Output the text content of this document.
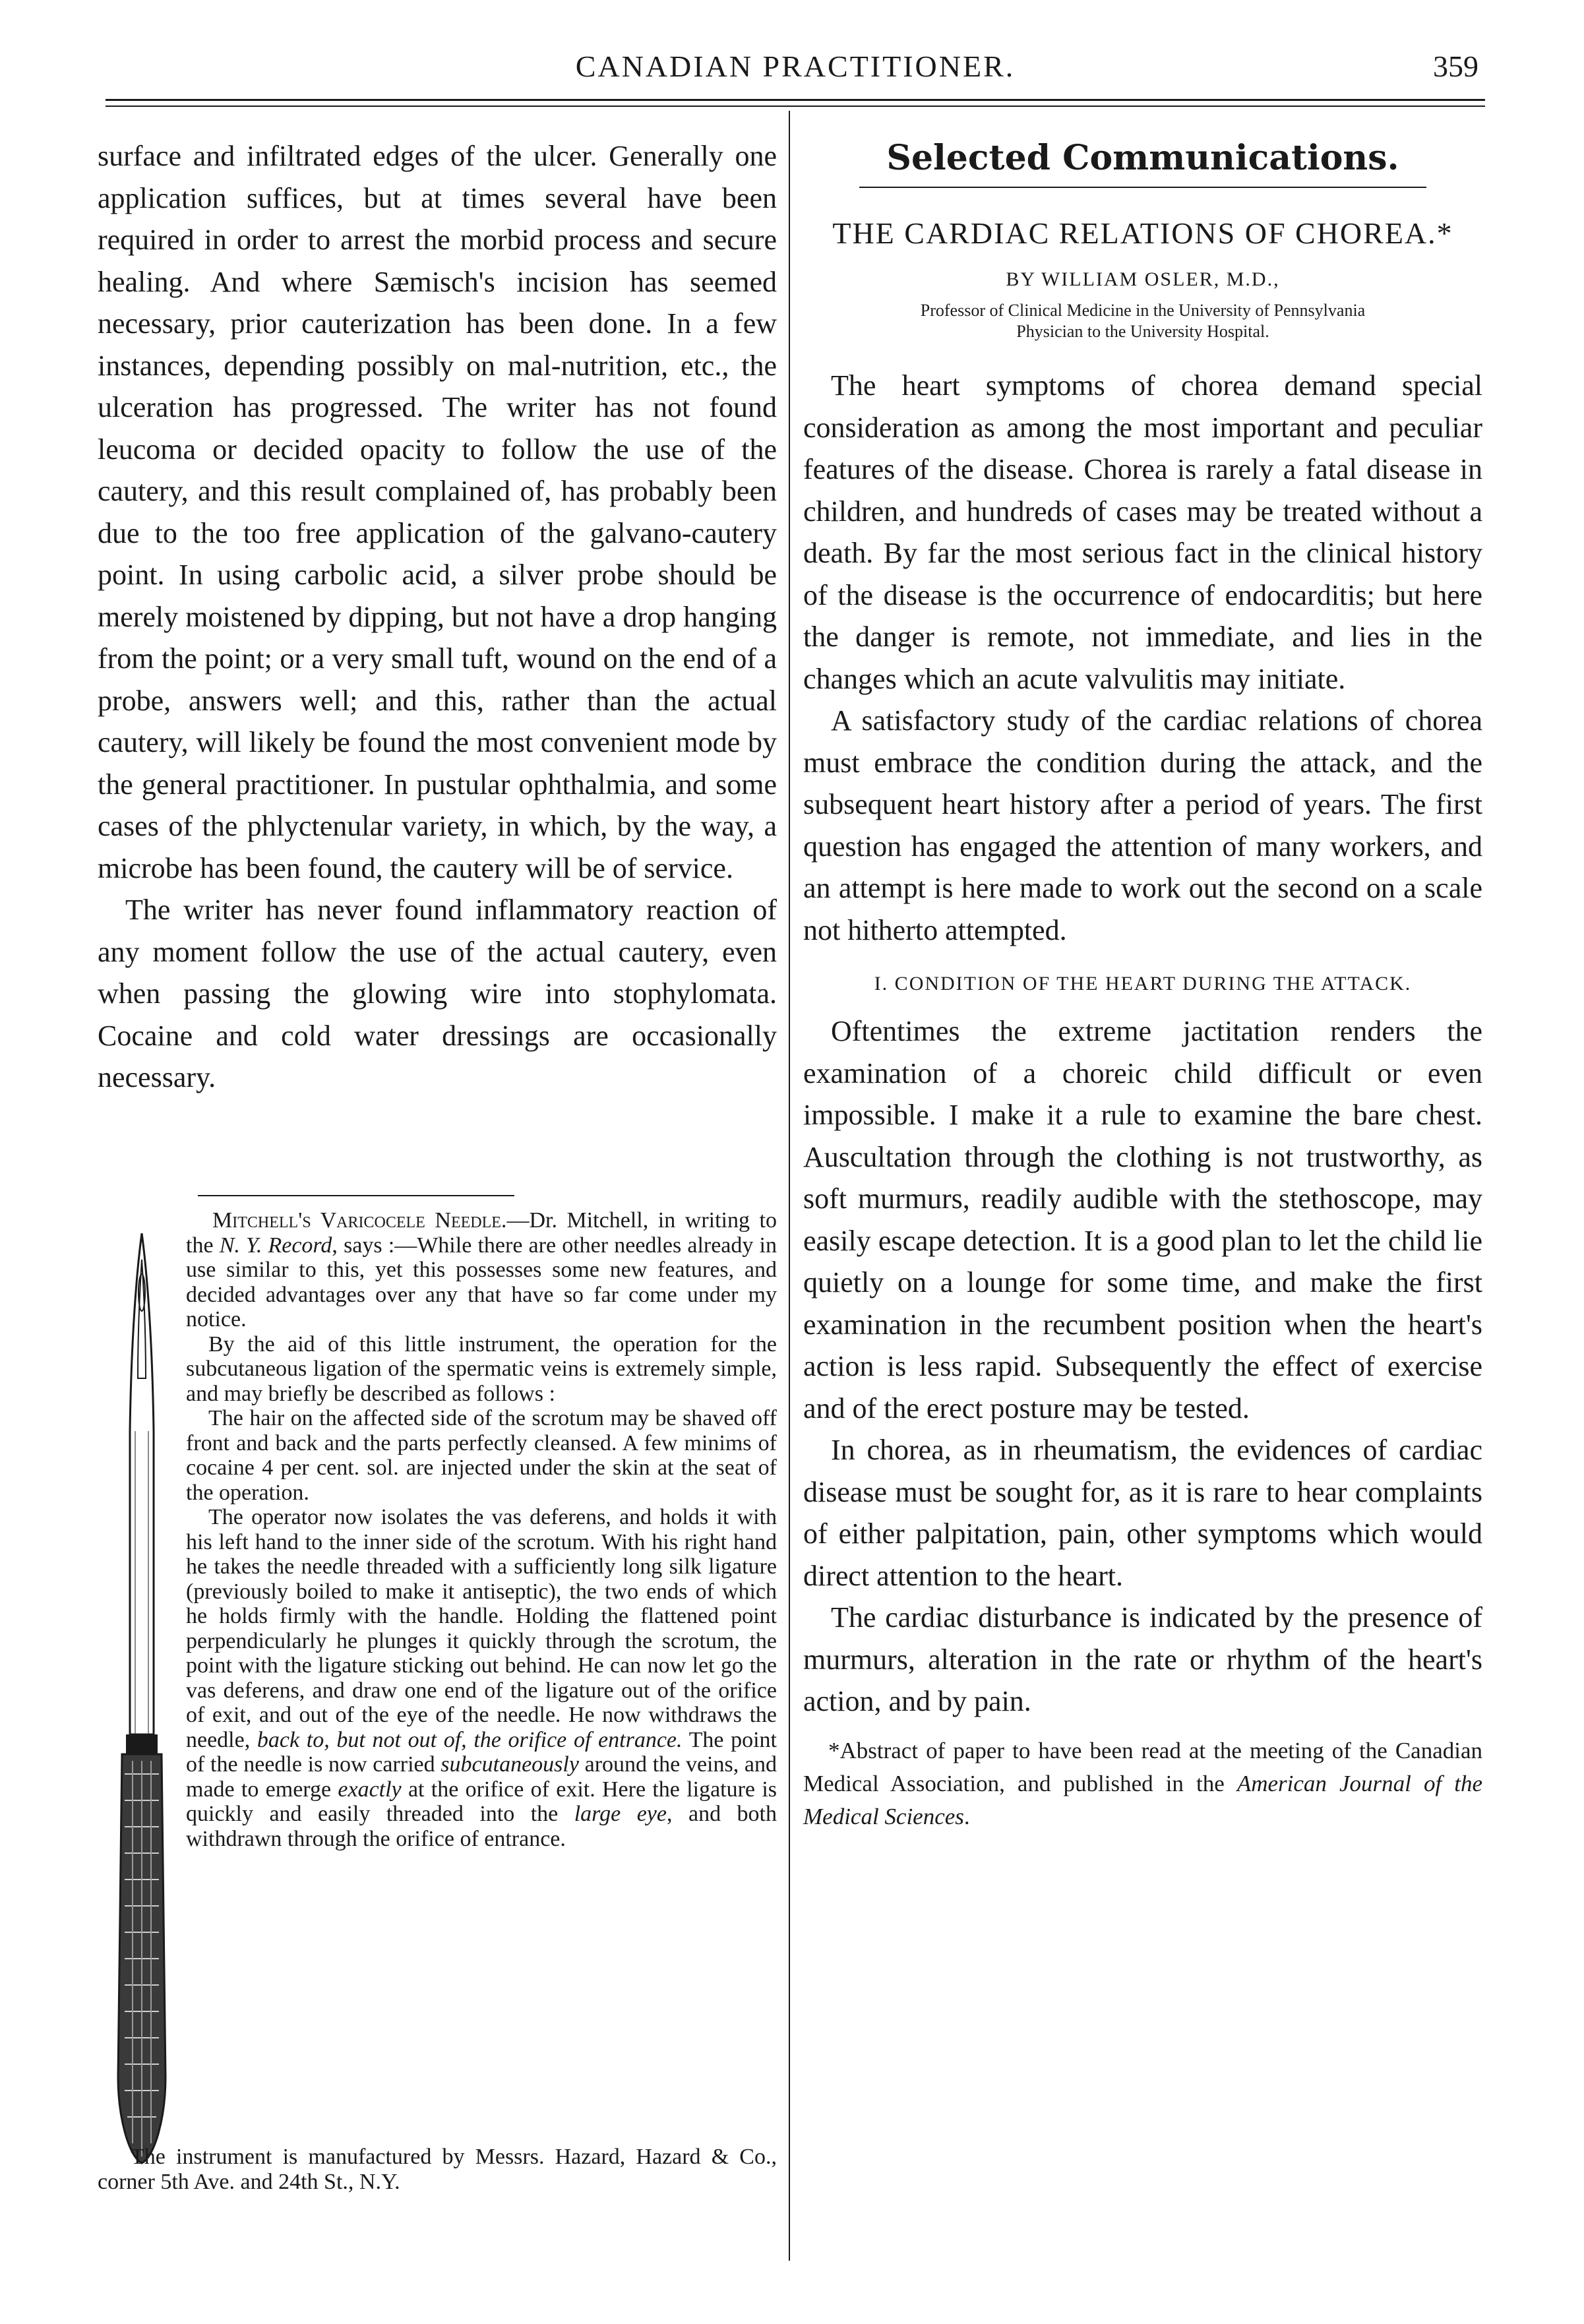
CANADIAN PRACTITIONER.	359

surface and infiltrated edges of the ulcer. Generally one application suffices, but at times several have been required in order to arrest the morbid process and secure healing. And where Sæmisch's incision has seemed necessary, prior cauterization has been done. In a few instances, depending possibly on mal-nutrition, etc., the ulceration has progressed. The writer has not found leucoma or decided opacity to follow the use of the cautery, and this result complained of, has probably been due to the too free application of the galvano-cautery point. In using carbolic acid, a silver probe should be merely moistened by dipping, but not have a drop hanging from the point; or a very small tuft, wound on the end of a probe, answers well; and this, rather than the actual cautery, will likely be found the most convenient mode by the general practitioner. In pustular ophthalmia, and some cases of the phlyctenular variety, in which, by the way, a microbe has been found, the cautery will be of service.

The writer has never found inflammatory reaction of any moment follow the use of the actual cautery, even when passing the glowing wire into stophylomata. Cocaine and cold water dressings are occasionally necessary.

Mitchell's Varicocele Needle.—Dr. Mitchell, in writing to the N. Y. Record, says :—While there are other needles already in use similar to this, yet this possesses some new features, and decided advantages over any that have so far come under my notice.

By the aid of this little instrument, the operation for the subcutaneous ligation of the spermatic veins is extremely simple, and may briefly be described as follows :

The hair on the affected side of the scrotum may be shaved off front and back and the parts perfectly cleansed. A few minims of cocaine 4 per cent. sol. are injected under the skin at the seat of the operation.

The operator now isolates the vas deferens, and holds it with his left hand to the inner side of the scrotum. With his right hand he takes the needle threaded with a sufficiently long silk ligature (previously boiled to make it antiseptic), the two ends of which he holds firmly with the handle. Holding the flattened point perpendicularly he plunges it quickly through the scrotum, the point with the ligature sticking out behind. He can now let go the vas deferens, and draw one end of the ligature out of the orifice of exit, and out of the eye of the needle. He now withdraws the needle, back to, but not out of, the orifice of entrance. The point of the needle is now carried subcutaneously around the veins, and made to emerge exactly at the orifice of exit. Here the ligature is quickly and easily threaded into the large eye, and both withdrawn through the orifice of entrance.

The instrument is manufactured by Messrs. Hazard, Hazard & Co., corner 5th Ave. and 24th St., N.Y.

Selected Communications.
THE CARDIAC RELATIONS OF CHOREA.*
BY WILLIAM OSLER, M.D.,
Professor of Clinical Medicine in the University of Pennsylvania
Physician to the University Hospital.

The heart symptoms of chorea demand special consideration as among the most important and peculiar features of the disease. Chorea is rarely a fatal disease in children, and hundreds of cases may be treated without a death. By far the most serious fact in the clinical history of the disease is the occurrence of endocarditis; but here the danger is remote, not immediate, and lies in the changes which an acute valvulitis may initiate.

A satisfactory study of the cardiac relations of chorea must embrace the condition during the attack, and the subsequent heart history after a period of years. The first question has engaged the attention of many workers, and an attempt is here made to work out the second on a scale not hitherto attempted.

I. CONDITION OF THE HEART DURING THE ATTACK.

Oftentimes the extreme jactitation renders the examination of a choreic child difficult or even impossible. I make it a rule to examine the bare chest. Auscultation through the clothing is not trustworthy, as soft murmurs, readily audible with the stethoscope, may easily escape detection. It is a good plan to let the child lie quietly on a lounge for some time, and make the first examination in the recumbent position when the heart's action is less rapid. Subsequently the effect of exercise and of the erect posture may be tested.

In chorea, as in rheumatism, the evidences of cardiac disease must be sought for, as it is rare to hear complaints of either palpitation, pain, other symptoms which would direct attention to the heart.

The cardiac disturbance is indicated by the presence of murmurs, alteration in the rate or rhythm of the heart's action, and by pain.

*Abstract of paper to have been read at the meeting of the Canadian Medical Association, and published in the American Journal of the Medical Sciences.
